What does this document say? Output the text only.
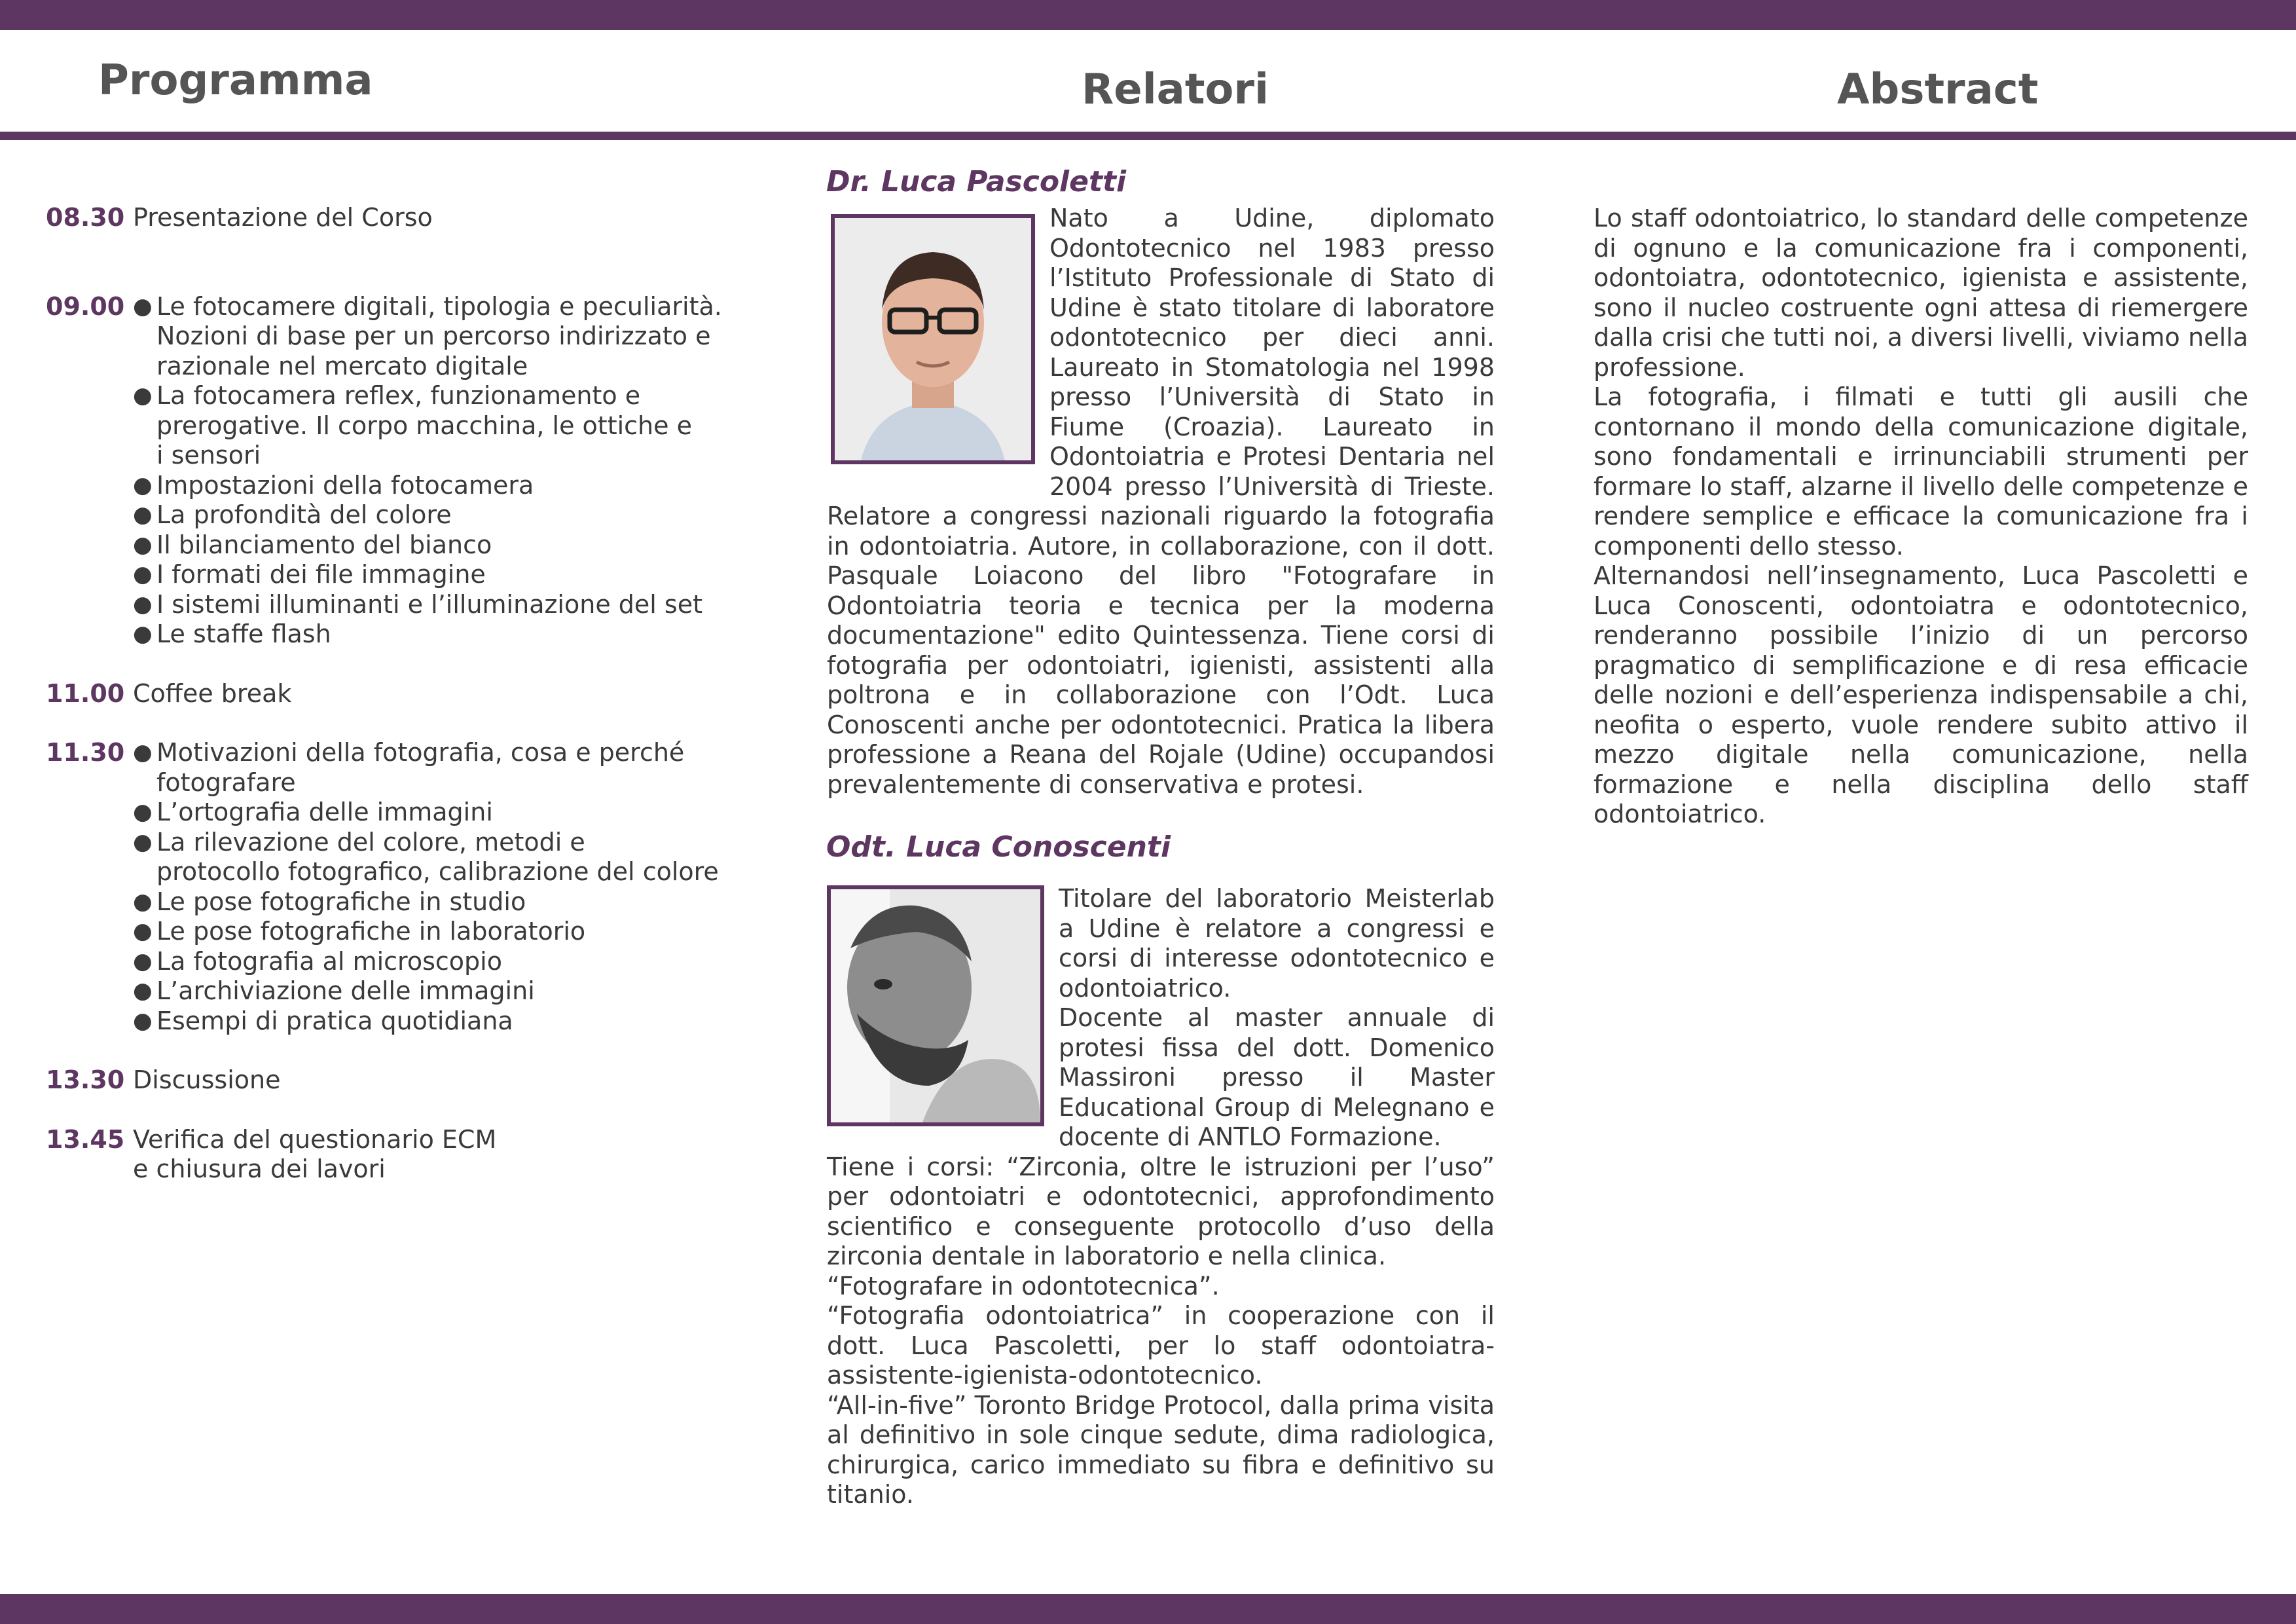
Programma	Relatori	Abstract
08.30 Presentazione del Corso
09.00	● Le fotocamere digitali, tipologia e peculiarità.
Nozioni di base per un percorso indirizzato e
razionale nel mercato digitale
● La fotocamera reflex, funzionamento e
prerogative. Il corpo macchina, le ottiche e
i sensori
● Impostazioni della fotocamera
● La profondità del colore
● Il bilanciamento del bianco
● I formati dei file immagine
● I sistemi illuminanti e l’illuminazione del set
● Le staffe flash
11.00 Coffee break
11.30	● Motivazioni della fotografia, cosa e perché
fotografare
● L’ortografia delle immagini
● La rilevazione del colore, metodi e
protocollo fotografico, calibrazione del colore
● Le pose fotografiche in studio
● Le pose fotografiche in laboratorio
● La fotografia al microscopio
● L’archiviazione delle immagini
● Esempi di pratica quotidiana
13.30 Discussione
13.45 Verifica del questionario ECM
e chiusura dei lavori
Dr. Luca Pascoletti
Nato a Udine, diplomato Odontotecnico nel 1983 presso l’Istituto Professionale di Stato di Udine è stato titolare di laboratore odontotecnico per dieci anni. Laureato in Stomatologia nel 1998 presso l’Università di Stato in Fiume (Croazia). Laureato in Odontoiatria e Protesi Dentaria nel 2004 presso l’Università di Trieste. Relatore a congressi nazionali riguardo la fotografia in odontoiatria. Autore, in collaborazione, con il dott. Pasquale Loiacono del libro "Fotografare in Odontoiatria teoria e tecnica per la moderna documentazione" edito Quintessenza. Tiene corsi di fotografia per odontoiatri, igienisti, assistenti alla poltrona e in collaborazione con l’Odt. Luca Conoscenti anche per odontotecnici. Pratica la libera professione a Reana del Rojale (Udine) occupandosi prevalentemente di conservativa e protesi.
Odt. Luca Conoscenti
Titolare del laboratorio Meisterlab a Udine è relatore a congressi e corsi di interesse odontotecnico e odontoiatrico.
Docente al master annuale di protesi fissa del dott. Domenico Massironi presso il Master Educational Group di Melegnano e docente di ANTLO Formazione.
Tiene i corsi: “Zirconia, oltre le istruzioni per l’uso” per odontoiatri e odontotecnici, approfondimento scientifico e conseguente protocollo d’uso della zirconia dentale in laboratorio e nella clinica.
“Fotografare in odontotecnica”.
“Fotografia odontoiatrica” in cooperazione con il dott. Luca Pascoletti, per lo staff odontoiatra-assistente-igienista-odontotecnico.
“All-in-five” Toronto Bridge Protocol, dalla prima visita al definitivo in sole cinque sedute, dima radiologica, chirurgica, carico immediato su fibra e definitivo su titanio.

Lo staff odontoiatrico, lo standard delle competenze di ognuno e la comunicazione fra i componenti, odontoiatra, odontotecnico, igienista e assistente, sono il nucleo costruente ogni attesa di riemergere dalla crisi che tutti noi, a diversi livelli, viviamo nella professione.

La fotografia, i filmati e tutti gli ausili che contornano il mondo della comunicazione digitale, sono fondamentali e irrinunciabili strumenti per formare lo staff, alzarne il livello delle competenze e rendere semplice e efficace la comunicazione fra i componenti dello stesso.

Alternandosi nell’insegnamento, Luca Pascoletti e Luca Conoscenti, odontoiatra e odontotecnico, renderanno possibile l’inizio di un percorso pragmatico di semplificazione e di resa efficacie delle nozioni e dell’esperienza indispensabile a chi, neofita o esperto, vuole rendere subito attivo il mezzo digitale nella comunicazione, nella formazione e nella disciplina dello staff odontoiatrico.
